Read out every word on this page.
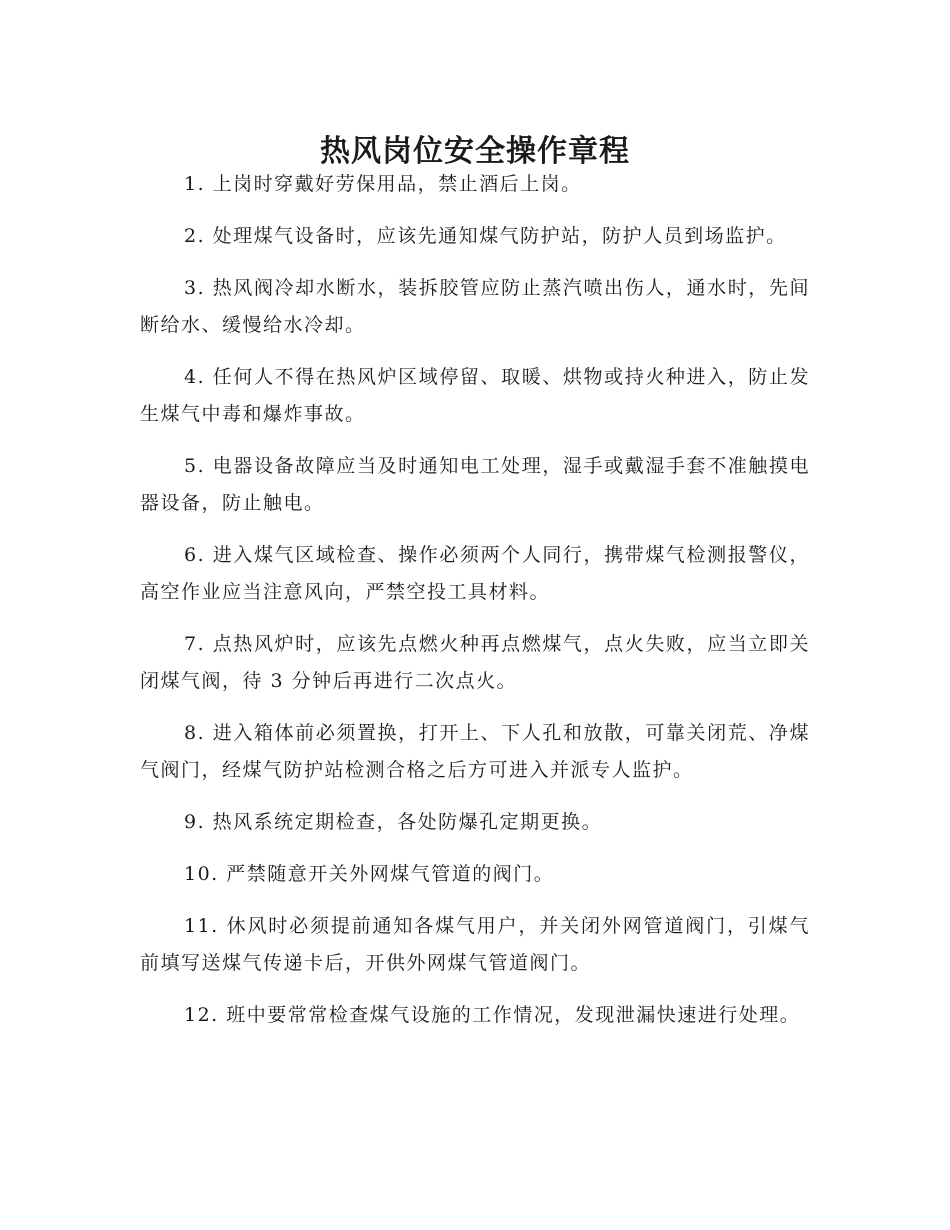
热风岗位安全操作章程

1. 上岗时穿戴好劳保用品，禁止酒后上岗。

2. 处理煤气设备时，应该先通知煤气防护站，防护人员到场监护。

3. 热风阀冷却水断水，装拆胶管应防止蒸汽喷出伤人，通水时，先间断给水、缓慢给水冷却。

4. 任何人不得在热风炉区域停留、取暖、烘物或持火种进入，防止发生煤气中毒和爆炸事故。

5. 电器设备故障应当及时通知电工处理，湿手或戴湿手套不准触摸电器设备，防止触电。

6. 进入煤气区域检查、操作必须两个人同行，携带煤气检测报警仪，高空作业应当注意风向，严禁空投工具材料。

7. 点热风炉时，应该先点燃火种再点燃煤气，点火失败，应当立即关闭煤气阀，待 3 分钟后再进行二次点火。

8. 进入箱体前必须置换，打开上、下人孔和放散，可靠关闭荒、净煤气阀门，经煤气防护站检测合格之后方可进入并派专人监护。

9. 热风系统定期检查，各处防爆孔定期更换。

10. 严禁随意开关外网煤气管道的阀门。

11. 休风时必须提前通知各煤气用户，并关闭外网管道阀门，引煤气前填写送煤气传递卡后，开供外网煤气管道阀门。

12. 班中要常常检查煤气设施的工作情况，发现泄漏快速进行处理。
